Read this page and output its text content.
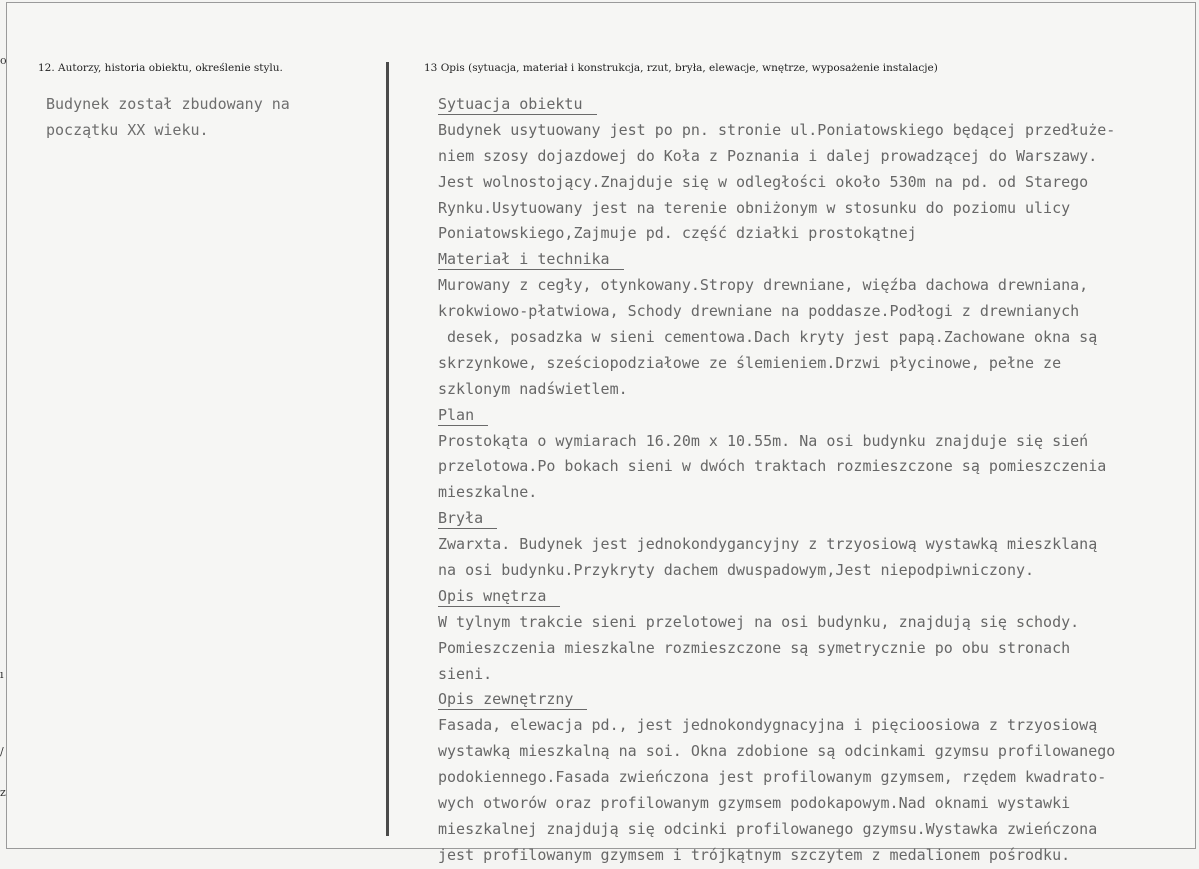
o
ı
/
z
12. Autorzy, historia obiektu, określenie stylu.	13 Opis (sytuacja, materiał i konstrukcja, rzut, bryła, elewacje, wnętrze, wyposażenie instalacje)
Budynek został zbudowany na
początku XX wieku.
Sytuacja obiektu
Budynek usytuowany jest po pn. stronie ul.Poniatowskiego będącej przedłuże-
niem szosy dojazdowej do Koła z Poznania i dalej prowadzącej do Warszawy.
Jest wolnostojący.Znajduje się w odległości około 530m na pd. od Starego
Rynku.Usytuowany jest na terenie obniżonym w stosunku do poziomu ulicy
Poniatowskiego,Zajmuje pd. część działki prostokątnej
Materiał i technika
Murowany z cegły, otynkowany.Stropy drewniane, więźba dachowa drewniana,
krokwiowo-płatwiowa, Schody drewniane na poddasze.Podłogi z drewnianych
desek, posadzka w sieni cementowa.Dach kryty jest papą.Zachowane okna są
skrzynkowe, sześciopodziałowe ze ślemieniem.Drzwi płycinowe, pełne ze
szklonym nadświetlem.
Plan
Prostokąta o wymiarach 16.20m x 10.55m. Na osi budynku znajduje się sień
przelotowa.Po bokach sieni w dwóch traktach rozmieszczone są pomieszczenia
mieszkalne.
Bryła
Zwarxta. Budynek jest jednokondygancyjny z trzyosiową wystawką mieszklaną
na osi budynku.Przykryty dachem dwuspadowym,Jest niepodpiwniczony.
Opis wnętrza
W tylnym trakcie sieni przelotowej na osi budynku, znajdują się schody.
Pomieszczenia mieszkalne rozmieszczone są symetrycznie po obu stronach
sieni.
Opis zewnętrzny
Fasada, elewacja pd., jest jednokondygnacyjna i pięcioosiowa z trzyosiową
wystawką mieszkalną na soi. Okna zdobione są odcinkami gzymsu profilowanego
podokiennego.Fasada zwieńczona jest profilowanym gzymsem, rzędem kwadrato-
wych otworów oraz profilowanym gzymsem podokapowym.Nad oknami wystawki
mieszkalnej znajdują się odcinki profilowanego gzymsu.Wystawka zwieńczona
jest profilowanym gzymsem i trójkątnym szczytem z medalionem pośrodku.
